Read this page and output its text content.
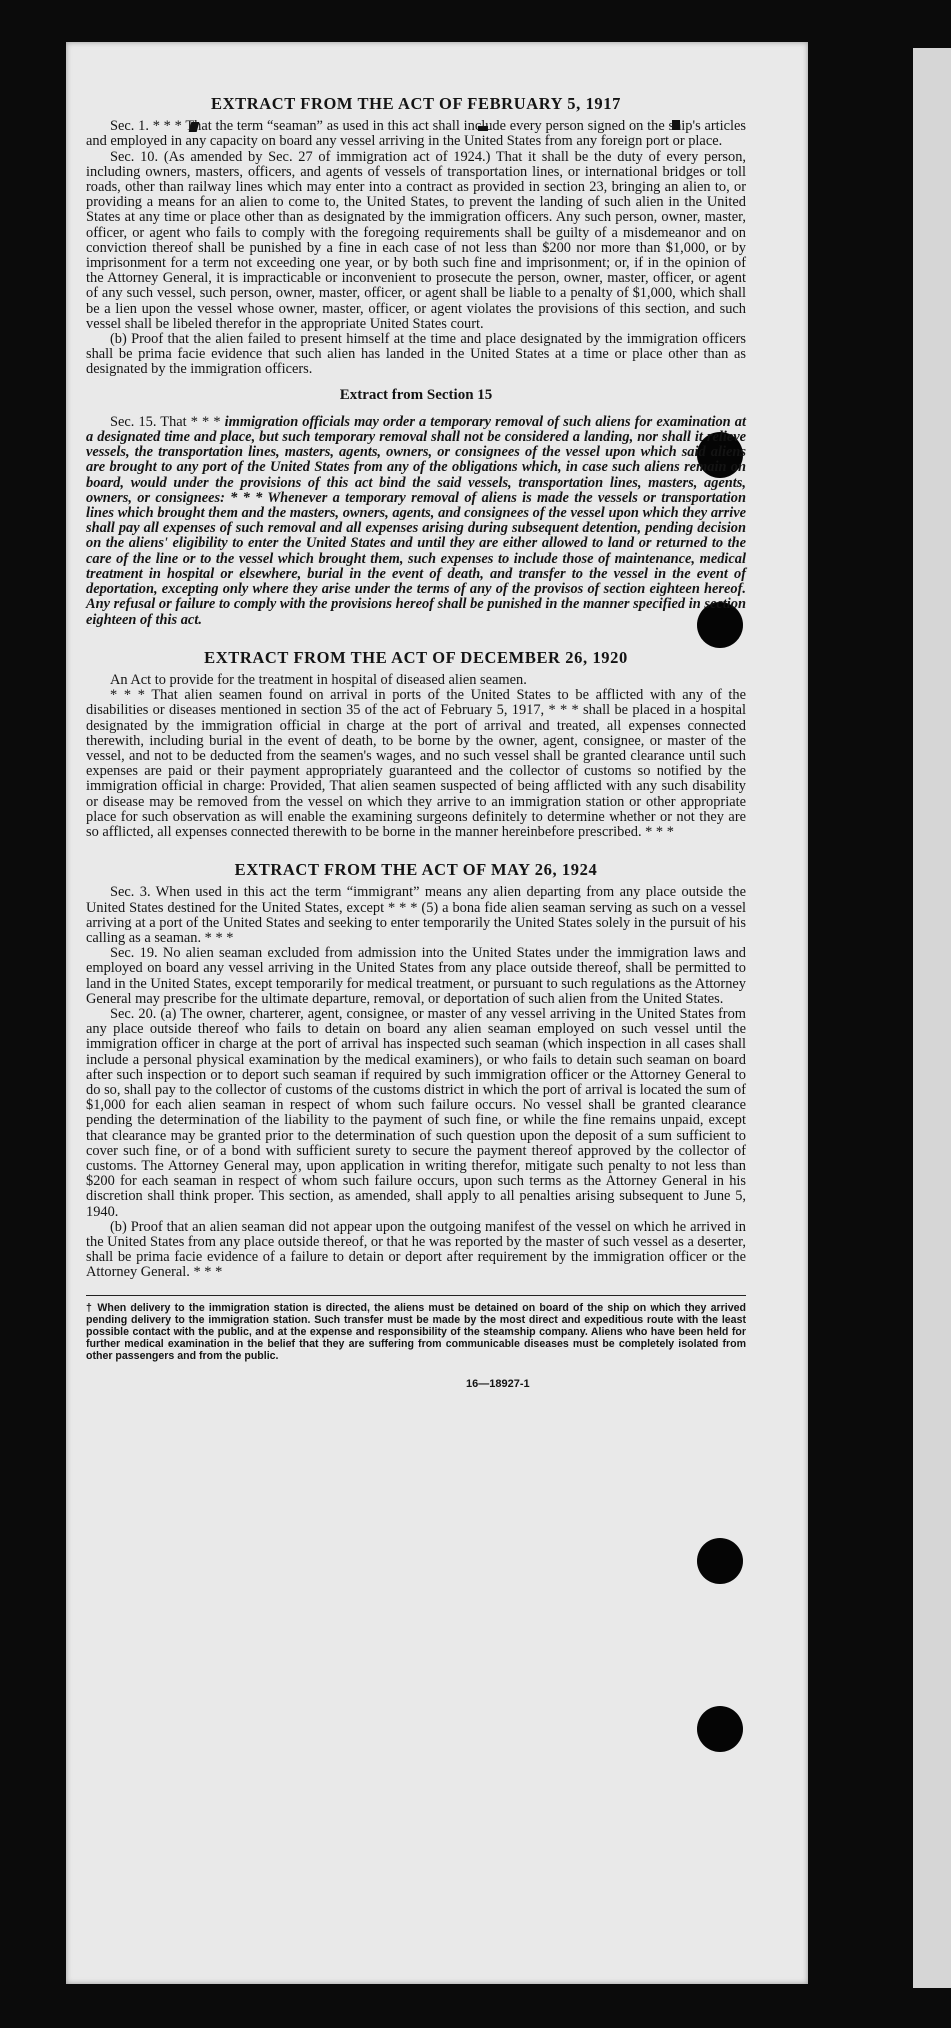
EXTRACT FROM THE ACT OF FEBRUARY 5, 1917

Sec. 1. * * * That the term “seaman” as used in this act shall include every person signed on the ship's articles and employed in any capacity on board any vessel arriving in the United States from any foreign port or place.

Sec. 10. (As amended by Sec. 27 of immigration act of 1924.) That it shall be the duty of every person, including owners, masters, officers, and agents of vessels of transportation lines, or international bridges or toll roads, other than railway lines which may enter into a contract as provided in section 23, bringing an alien to, or providing a means for an alien to come to, the United States, to prevent the landing of such alien in the United States at any time or place other than as designated by the immigration officers. Any such person, owner, master, officer, or agent who fails to comply with the foregoing requirements shall be guilty of a misdemeanor and on conviction thereof shall be punished by a fine in each case of not less than $200 nor more than $1,000, or by imprisonment for a term not exceeding one year, or by both such fine and imprisonment; or, if in the opinion of the Attorney General, it is impracticable or inconvenient to prosecute the person, owner, master, officer, or agent of any such vessel, such person, owner, master, officer, or agent shall be liable to a penalty of $1,000, which shall be a lien upon the vessel whose owner, master, officer, or agent violates the provisions of this section, and such vessel shall be libeled therefor in the appropriate United States court.

(b) Proof that the alien failed to present himself at the time and place designated by the immigration officers shall be prima facie evidence that such alien has landed in the United States at a time or place other than as designated by the immigration officers.

Extract from Section 15

Sec. 15. That * * * immigration officials may order a temporary removal of such aliens for examination at a designated time and place, but such temporary removal shall not be considered a landing, nor shall it relieve vessels, the transportation lines, masters, agents, owners, or consignees of the vessel upon which said aliens are brought to any port of the United States from any of the obligations which, in case such aliens remain on board, would under the provisions of this act bind the said vessels, transportation lines, masters, agents, owners, or consignees: * * * Whenever a temporary removal of aliens is made the vessels or transportation lines which brought them and the masters, owners, agents, and consignees of the vessel upon which they arrive shall pay all expenses of such removal and all expenses arising during subsequent detention, pending decision on the aliens' eligibility to enter the United States and until they are either allowed to land or returned to the care of the line or to the vessel which brought them, such expenses to include those of maintenance, medical treatment in hospital or elsewhere, burial in the event of death, and transfer to the vessel in the event of deportation, excepting only where they arise under the terms of any of the provisos of section eighteen hereof. Any refusal or failure to comply with the provisions hereof shall be punished in the manner specified in section eighteen of this act.

EXTRACT FROM THE ACT OF DECEMBER 26, 1920

An Act to provide for the treatment in hospital of diseased alien seamen.

* * * That alien seamen found on arrival in ports of the United States to be afflicted with any of the disabilities or diseases mentioned in section 35 of the act of February 5, 1917, * * * shall be placed in a hospital designated by the immigration official in charge at the port of arrival and treated, all expenses connected therewith, including burial in the event of death, to be borne by the owner, agent, consignee, or master of the vessel, and not to be deducted from the seamen's wages, and no such vessel shall be granted clearance until such expenses are paid or their payment appropriately guaranteed and the collector of customs so notified by the immigration official in charge: Provided, That alien seamen suspected of being afflicted with any such disability or disease may be removed from the vessel on which they arrive to an immigration station or other appropriate place for such observation as will enable the examining surgeons definitely to determine whether or not they are so afflicted, all expenses connected therewith to be borne in the manner hereinbefore prescribed. * * *

EXTRACT FROM THE ACT OF MAY 26, 1924

Sec. 3. When used in this act the term “immigrant” means any alien departing from any place outside the United States destined for the United States, except * * * (5) a bona fide alien seaman serving as such on a vessel arriving at a port of the United States and seeking to enter temporarily the United States solely in the pursuit of his calling as a seaman. * * *

Sec. 19. No alien seaman excluded from admission into the United States under the immigration laws and employed on board any vessel arriving in the United States from any place outside thereof, shall be permitted to land in the United States, except temporarily for medical treatment, or pursuant to such regulations as the Attorney General may prescribe for the ultimate departure, removal, or deportation of such alien from the United States.

Sec. 20. (a) The owner, charterer, agent, consignee, or master of any vessel arriving in the United States from any place outside thereof who fails to detain on board any alien seaman employed on such vessel until the immigration officer in charge at the port of arrival has inspected such seaman (which inspection in all cases shall include a personal physical examination by the medical examiners), or who fails to detain such seaman on board after such inspection or to deport such seaman if required by such immigration officer or the Attorney General to do so, shall pay to the collector of customs of the customs district in which the port of arrival is located the sum of $1,000 for each alien seaman in respect of whom such failure occurs. No vessel shall be granted clearance pending the determination of the liability to the payment of such fine, or while the fine remains unpaid, except that clearance may be granted prior to the determination of such question upon the deposit of a sum sufficient to cover such fine, or of a bond with sufficient surety to secure the payment thereof approved by the collector of customs. The Attorney General may, upon application in writing therefor, mitigate such penalty to not less than $200 for each seaman in respect of whom such failure occurs, upon such terms as the Attorney General in his discretion shall think proper. This section, as amended, shall apply to all penalties arising subsequent to June 5, 1940.

(b) Proof that an alien seaman did not appear upon the outgoing manifest of the vessel on which he arrived in the United States from any place outside thereof, or that he was reported by the master of such vessel as a deserter, shall be prima facie evidence of a failure to detain or deport after requirement by the immigration officer or the Attorney General. * * *

† When delivery to the immigration station is directed, the aliens must be detained on board of the ship on which they arrived pending delivery to the immigration station. Such transfer must be made by the most direct and expeditious route with the least possible contact with the public, and at the expense and responsibility of the steamship company. Aliens who have been held for further medical examination in the belief that they are suffering from communicable diseases must be completely isolated from other passengers and from the public.
16—18927-1
